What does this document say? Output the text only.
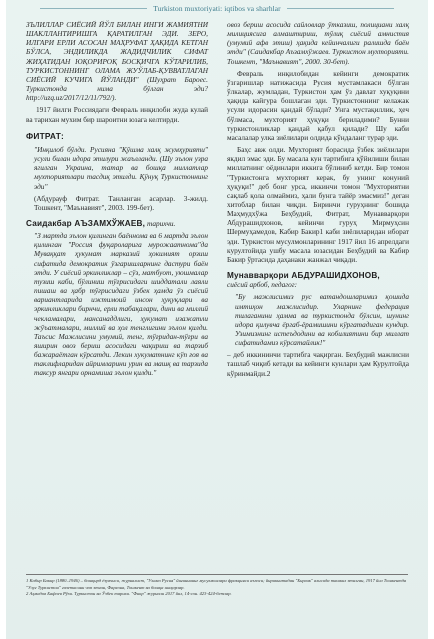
Turkiston muxtoriyati: iqtibos va sharhlar

ЗЪЛИЛЛАР СИЁСИЙ ЙЎЛ БИЛАН ИНГИ ЖАМИЯТНИ ШАКЛЛАНТИРИШГА ҚАРАТИЛГАН ЭДИ. ЗЕРО, ИЛГАРИ ЕРЛИ АСОСАН МАҲРУФАТ ҲАҚИДА КЕТГАН БЎЛСА, ЭНДИЛИКДА ЖАДИДЧИЛИК СИФАТ ЖИҲАТИДАН ЮҚОРИРОҚ БОСҚИЧГА КЎТАРИЛИБ, ТУРКИСТОННИНГ ОЛАМА ЖУЎЛАБ-ҚУВВАТЛАГАН СИЁСИЙ КУЧИГА ЙЎЛАНДИ" (Шуҳрат Бароеc. Туркистонда нима бўлган эди? http://uzq.uz/2017/12/11/792/).

1917 йилги Россиядаги Февраль инқилоби жуда кулай ва тарихан мухим бир шароитни юзага келтирди.

ФИТРАТ:

"Инқилоб бўлди. Русияна "Қўшма халқ жумҳурияти" усули билан идора этилури жаълланди. (Шу эълон узра ягилган Украина, татар ва бошқа миллатлар мухториятлари тасдиқ этилди. Қўнуқ Туркистоннинг эди"

(Абдурауф Фитрат. Танланган асарлар. 3-жилд. Тошкент, "Маънавият", 2003. 199-бет).

Саидакбар АЪЗАМХЎЖАЕВ, тарихчи.

"З мартда эълон қилинган баённома ва 6 мартда эълон қилинган "Россия фуқароларига мурожаатнома"да Муваққат ҳукумат марказий ҳокимият орзиш сифатида демократик ўзгаришларнинг дастури баён этди. У сиёсий эркинликлар – сўз, матбуот, уюшмалар тузиш каби, бўлиниш тўғрисидаги шиддатали лаяли пишаш ва ҳабр тўғрисидаги ўзбек ҳамда ўз сиёсий вариантларида ижтимоий инсон ҳуқуқлари ва эркинликлари бирнчи, ерли табақалари, дини ва миллий чекламалари, мансанаддлиги, ҳукумат изажатли жўъатмалари, миллий ва ҳол тенглигини эълон қилди. Таъсис Мажлисини умумий, тенг, тўғридан-тўғри ва яширин овоз бериш асосидаги чақириш ва тарзиб бажараётган кўрсатди. Лекин хукуматнинг кўп ғоя ва таклифларидан айримларини урин ва машқ ва тарзида таксур янгари орнамиша эълон қилди."

овоз бериш асосида сайловлар ўтказиш, полициани халқ милициясига алмаштириш, тўлиқ сиёсий амнистия (умумий афв этиш) ҳақида кейинчалиги ралишда баён этди" (Саидакбар Аъзамхўжаев. Туркистон мухторияти. Тошкент, "Маънавият", 2000. 30-бет).

Февраль инқилобидан кейинги демократик ўзгаришлар натижасида Русия мустамлакаси бўлган ўлкалар, жумладан, Туркистон ҳам ўз давлат хуқуқини ҳақида кайгура бошлаган эди. Туркистоннинг келажак усули идорасин қандай бўлади? Унга мустақиллик, ҳеч бўлмаса, мухторият ҳуқуқи бериладими? Бунни туркистонликлар қандай қабул қилади? Шу каби масалалар улка зиёлилари олдида кўндаланг турар эди.

Баҳс авж олди. Мухторият борасида ўзбек зиёлилари якдил эмас эди. Бу масала кун тартибига қўйилиши билан миллатнинг оёдинлари иккига бўлиниб кетди. Бир томон "Туркистонга мухторият керак, бу унинг конуний ҳуқуқи!" деб бонг урса, иккинчи томон "Мухториятни сақлаб қола олмаймиз, ҳали бунга тайёр эмасмиз!" деган хитоблар билан чиқди. Биринчи гуруҳнинг бошида Маҳмудхўжа Беҳбудий, Фитрат, Мунавварқори Абдурашидхонов, кейинчи гуруҳ Мирмуҳсин Шермуҳамедов, Кабир Бакир1 каби зиёлиларидан иборат эди. Туркистон мусулмонларининг 1917 йил 16 апрелдаги курултойида ушбу масала юзасидан Беҳбудий ва Кабир Бакир ўртасида даҳанаки жанжал чиқади.

Мунавварқори АБДУРАШИДХОНОВ,
сиёсий арбоб, педагог:

"Бу мажлисимиз рус ватандошларимиз қошида имтиҳон мажлисидир. Уларнинг федерация тилаганини ҳамма ва туркистонда бўлсин, шунинг идора қилувча ёргаб-ёрамишини кўргатадиган кундир. Узимизнинг истеъдодини ва кобилиятини бир миллат сифатидамиз кўрсатайлик!"

– деб иккининчи тартибга чақирган. Беҳбудий мажлисни ташлаб чиқиб кетади ва кейинги кунлари ҳам Курултойда кўринмайди.2

1 Кабир Бакир (1880–1946) – бошқирд ёзувчиси, журналист, "Уламо Русия" йиғинининг мусулмонлари фракцияси аъзоси; йирикинтадан "Бирлик" алисида ташкил этилган, 1917 йил Тошкентда "Улуғ Туркистон" газетасини чоп этган, Фарғона, Тошкент ва бошқа шаҳарлар.
2 Аҳмадов Бафоев Рўзи. Туркистон ва Ўзбек тарихи. "Фикр" журнали 2017 йил, 14-сон. 423-424-бетлар.
